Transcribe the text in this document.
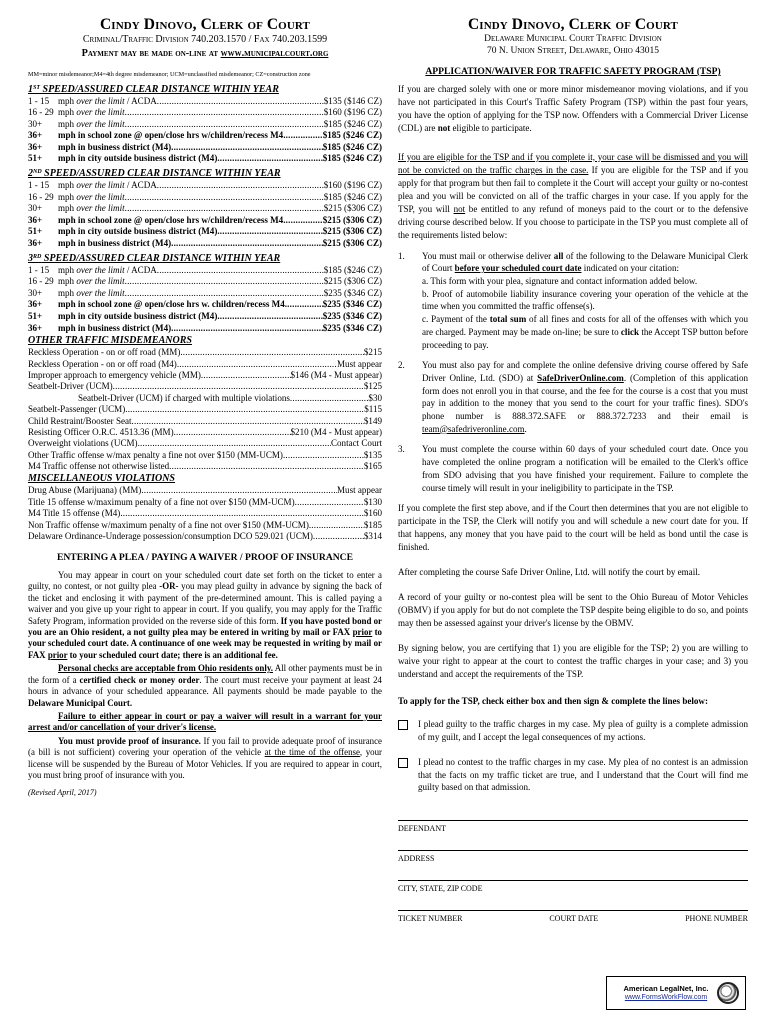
Cindy Dinovo, Clerk of Court
Criminal/Traffic Division 740.203.1570 / Fax 740.203.1599
Payment may be made on-line at www.municipalcourt.org
MM=minor misdemeanor;M4=4th degree misdemeanor; UCM=unclassified misdemeanor; CZ=construction zone
1ST SPEED/ASSURED CLEAR DISTANCE WITHIN YEAR
1 - 15 mph over the limit / ACDA .....	$135 ($146 CZ)
16 - 29 mph over the limit .....	$160 ($196 CZ)
30+	mph over the limit .....	$185 ($246 CZ)
36+	mph in school zone @ open/close hrs w/children/recess M4 .....	$185 ($246 CZ)
36+	mph in business district (M4) .....	$185 ($246 CZ)
51+	mph in city outside business district (M4) .....	$185 ($246 CZ)
2ND SPEED/ASSURED CLEAR DISTANCE WITHIN YEAR
1 - 15 mph over the limit / ACDA .....	$160 ($196 CZ)
16 - 29 mph over the limit .....	$185 ($246 CZ)
30+	mph over the limit .....	$215 ($306 CZ)
36+	mph in school zone @ open/close hrs w/children/recess M4 .....	$215 ($306 CZ)
51+	mph in city outside business district (M4) .....	$215 ($306 CZ)
36+	mph in business district (M4) .....	$215 ($306 CZ)
3RD SPEED/ASSURED CLEAR DISTANCE WITHIN YEAR
1 - 15 mph over the limit / ACDA .....	$185 ($246 CZ)
16 - 29 mph over the limit .....	$215 ($306 CZ)
30+	mph over the limit .....	$235 ($346 CZ)
36+	mph in school zone @ open/close hrs w. children/recess M4 .....	$235 ($346 CZ)
51+	mph in city outside business district (M4) .....	$235 ($346 CZ)
36+	mph in business district (M4) .....	$235 ($346 CZ)
OTHER TRAFFIC MISDEMEANORS
Reckless Operation - on or off road (MM) .....	$215
Reckless Operation - on or off road (M4) .....	Must appear
Improper approach to emergency vehicle (MM) .....	$146 (M4 - Must appear)
Seatbelt-Driver (UCM) .....	$125
Seatbelt-Driver (UCM) if charged with multiple violations .....	$30
Seatbelt-Passenger (UCM) .....	$115
Child Restraint/Booster Seat .....	$149
Resisting Officer O.R.C. 4513.36 (MM) .....	$210 (M4 - Must appear)
Overweight violations (UCM) .....	Contact Court
Other Traffic offense w/max penalty a fine not over $150 (MM-UCM) .....	$135
M4 Traffic offense not otherwise listed .....	$165
MISCELLANEOUS VIOLATIONS
Drug Abuse (Marijuana) (MM) .....	Must appear
Title 15 offense w/maximum penalty of a fine not over $150 (MM-UCM) .....	$130
M4 Title 15 offense (M4) .....	$160
Non Traffic offense w/maximum penalty of a fine not over $150 (MM-UCM) .....	$185
Delaware Ordinance-Underage possession/consumption DCO 529.021 (UCM) .....	$314
ENTERING A PLEA / PAYING A WAIVER / PROOF OF INSURANCE

You may appear in court on your scheduled court date set forth on the ticket to enter a guilty, no contest, or not guilty plea -OR- you may plead guilty in advance by signing the back of the ticket and enclosing it with payment of the pre-determined amount. This is called paying a waiver and you give up your right to appear in court. If you qualify, you may apply for the Traffic Safety Program, information provided on the reverse side of this form. If you have posted bond or you are an Ohio resident, a not guilty plea may be entered in writing by mail or FAX prior to your scheduled court date. A continuance of one week may be requested in writing by mail or FAX prior to your scheduled court date; there is an additional fee.

Personal checks are acceptable from Ohio residents only. All other payments must be in the form of a certified check or money order. The court must receive your payment at least 24 hours in advance of your scheduled appearance. All payments should be made payable to the Delaware Municipal Court.

Failure to either appear in court or pay a waiver will result in a warrant for your arrest and/or cancellation of your driver's license.

You must provide proof of insurance. If you fail to provide adequate proof of insurance (a bill is not sufficient) covering your operation of the vehicle at the time of the offense, your license will be suspended by the Bureau of Motor Vehicles. If you are required to appear in court, you must bring proof of insurance with you.

(Revised April, 2017)
Cindy Dinovo, Clerk of Court
Delaware Municipal Court Traffic Division
70 N. Union Street, Delaware, Ohio 43015
APPLICATION/WAIVER FOR TRAFFIC SAFETY PROGRAM (TSP)

If you are charged solely with one or more minor misdemeanor moving violations, and if you have not participated in this Court's Traffic Safety Program (TSP) within the past four years, you have the option of applying for the TSP now. Offenders with a Commercial Driver License (CDL) are not eligible to participate.

If you are eligible for the TSP and if you complete it, your case will be dismissed and you will not be convicted on the traffic charges in the case. If you are eligible for the TSP and if you apply for that program but then fail to complete it the Court will accept your guilty or no-contest plea and you will be convicted on all of the traffic charges in your case. If you apply for the TSP, you will not be entitled to any refund of moneys paid to the court or to the defensive driving course described below. If you choose to participate in the TSP you must complete all of the requirements listed below:

1.	You must mail or otherwise deliver all of the following to the Delaware Municipal Clerk of Court before your scheduled court date indicated on your citation:
a. This form with your plea, signature and contact information added below.
b. Proof of automobile liability insurance covering your operation of the vehicle at the time when you committed the traffic offense(s).
c. Payment of the total sum of all fines and costs for all of the offenses with which you are charged. Payment may be made on-line; be sure to click the Accept TSP button before proceeding to pay.
2.	You must also pay for and complete the online defensive driving course offered by Safe Driver Online, Ltd. (SDO) at SafeDriverOnline.com. (Completion of this application form does not enroll you in that course, and the fee for the course is a cost that you must pay in addition to the money that you send to the court for your traffic fines). SDO's phone number is 888.372.SAFE or 888.372.7233 and their email is team@safedriveronline.com.
3.	You must complete the course within 60 days of your scheduled court date. Once you have completed the online program a notification will be emailed to the Clerk's office from SDO advising that you have finished your requirement. Failure to complete the course timely will result in your ineligibility to participate in the TSP.

If you complete the first step above, and if the Court then determines that you are not eligible to participate in the TSP, the Clerk will notify you and will schedule a new court date for you. If that happens, any money that you have paid to the court will be held as bond until the case is finished.

After completing the course Safe Driver Online, Ltd. will notify the court by email.

A record of your guilty or no-contest plea will be sent to the Ohio Bureau of Motor Vehicles (OBMV) if you apply for but do not complete the TSP despite being eligible to do so, and points may then be assessed against your driver's license by the OBMV.

By signing below, you are certifying that 1) you are eligible for the TSP; 2) you are willing to waive your right to appear at the court to contest the traffic charges in your case; and 3) you understand and accept the requirements of the TSP.

To apply for the TSP, check either box and then sign & complete the lines below:

I plead guilty to the traffic charges in my case. My plea of guilty is a complete admission of my guilt, and I accept the legal consequences of my actions.
I plead no contest to the traffic charges in my case. My plea of no contest is an admission that the facts on my traffic ticket are true, and I understand that the Court will find me guilty based on that admission.
DEFENDANT
ADDRESS
CITY, STATE, ZIP CODE
TICKET NUMBER	COURT DATE	PHONE NUMBER
American LegalNet, Inc.
www.FormsWorkFlow.com
